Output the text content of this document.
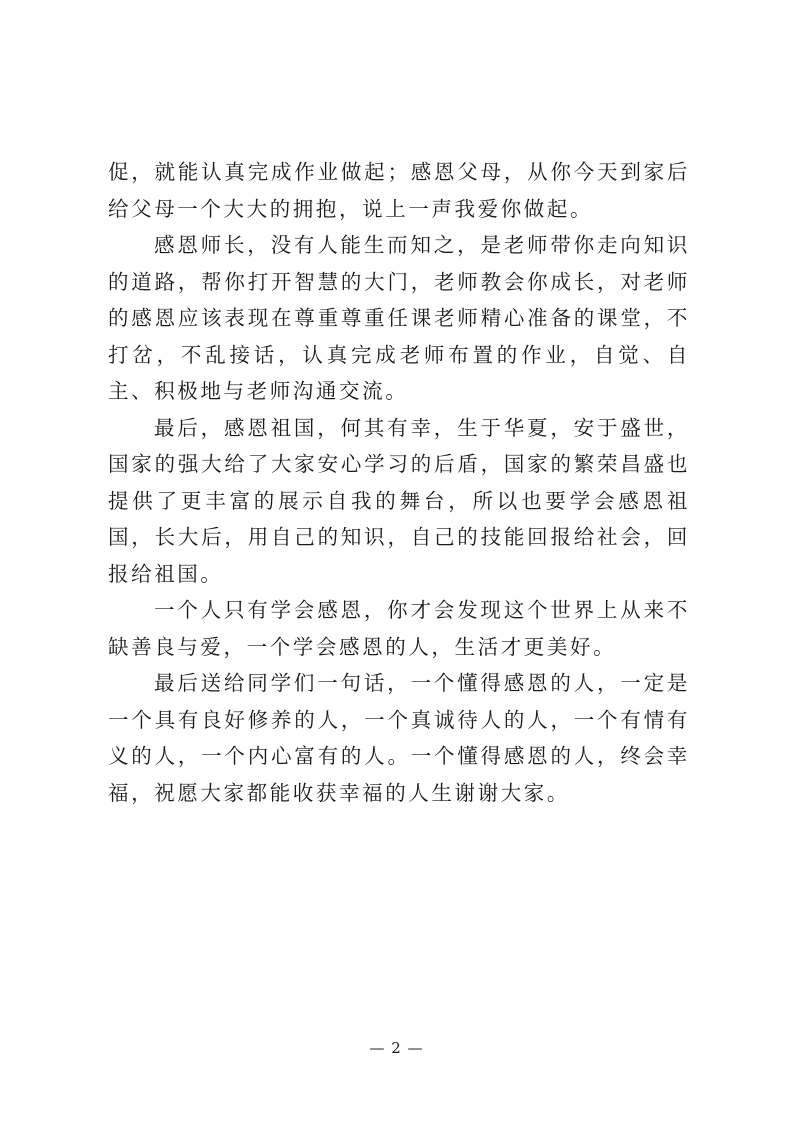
促，就能认真完成作业做起；感恩父母，从你今天到家后给父母一个大大的拥抱，说上一声我爱你做起。

感恩师长，没有人能生而知之，是老师带你走向知识的道路，帮你打开智慧的大门，老师教会你成长，对老师的感恩应该表现在尊重尊重任课老师精心准备的课堂，不打岔，不乱接话，认真完成老师布置的作业，自觉、自主、积极地与老师沟通交流。

最后，感恩祖国，何其有幸，生于华夏，安于盛世，国家的强大给了大家安心学习的后盾，国家的繁荣昌盛也提供了更丰富的展示自我的舞台，所以也要学会感恩祖国，长大后，用自己的知识，自己的技能回报给社会，回报给祖国。

一个人只有学会感恩，你才会发现这个世界上从来不缺善良与爱，一个学会感恩的人，生活才更美好。

最后送给同学们一句话，一个懂得感恩的人，一定是一个具有良好修养的人，一个真诚待人的人，一个有情有义的人，一个内心富有的人。一个懂得感恩的人，终会幸福，祝愿大家都能收获幸福的人生谢谢大家。

— 2 —
